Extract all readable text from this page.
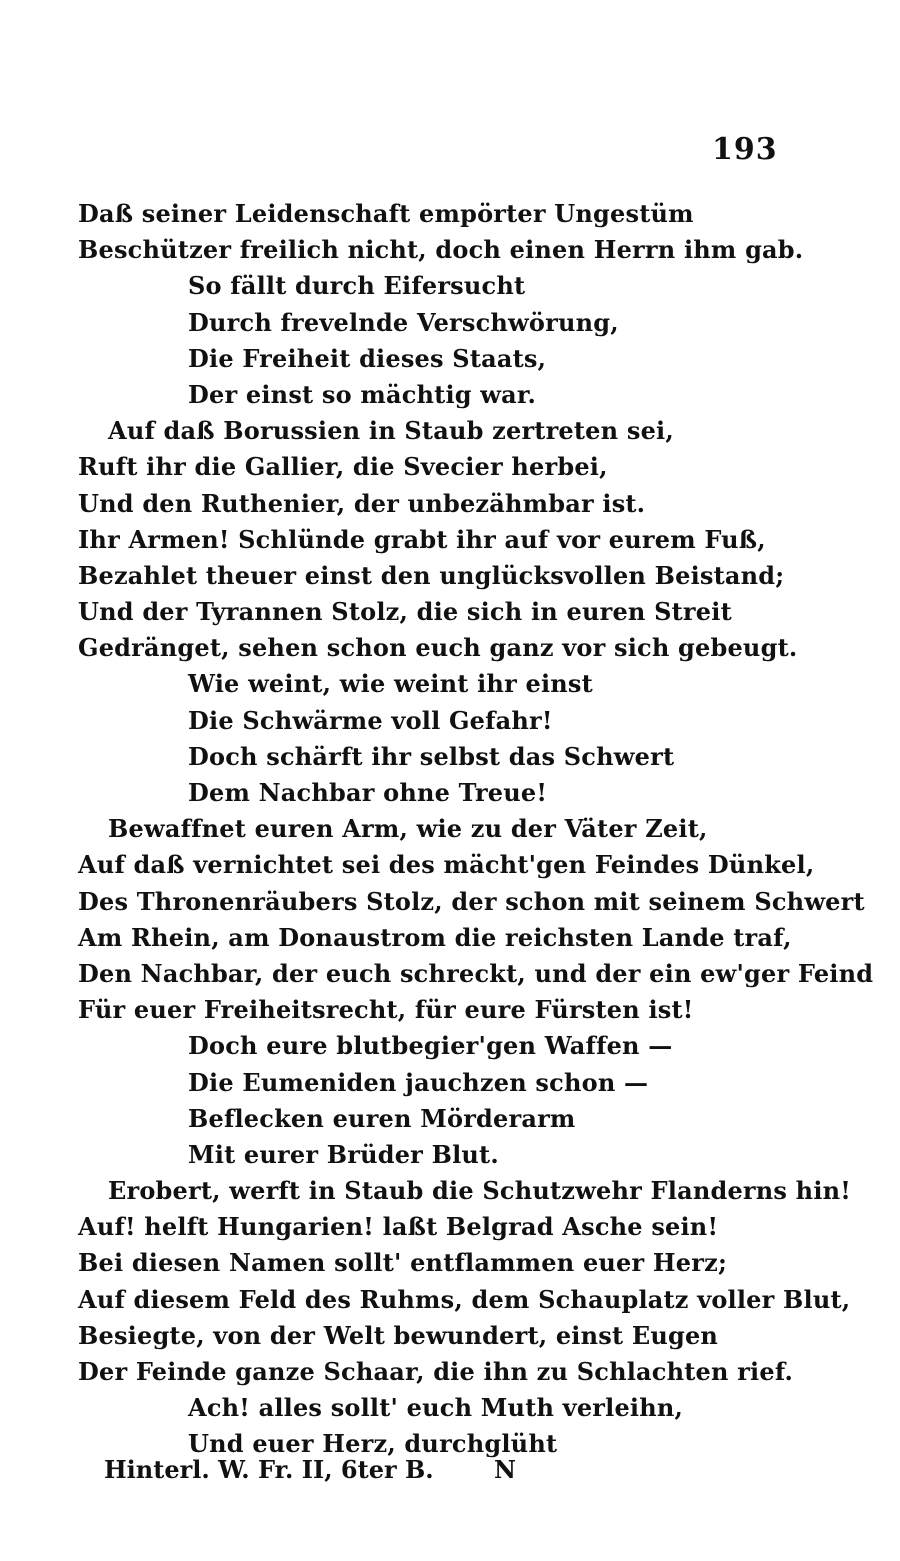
193
Daß seiner Leidenschaft empörter Ungestüm
Beschützer freilich nicht, doch einen Herrn ihm gab.
So fällt durch Eifersucht
Durch frevelnde Verschwörung,
Die Freiheit dieses Staats,
Der einst so mächtig war.
Auf daß Borussien in Staub zertreten sei,
Ruft ihr die Gallier, die Svecier herbei,
Und den Ruthenier, der unbezähmbar ist.
Ihr Armen! Schlünde grabt ihr auf vor eurem Fuß,
Bezahlet theuer einst den unglücksvollen Beistand;
Und der Tyrannen Stolz, die sich in euren Streit
Gedränget, sehen schon euch ganz vor sich gebeugt.
Wie weint, wie weint ihr einst
Die Schwärme voll Gefahr!
Doch schärft ihr selbst das Schwert
Dem Nachbar ohne Treue!
Bewaffnet euren Arm, wie zu der Väter Zeit,
Auf daß vernichtet sei des mächt'gen Feindes Dünkel,
Des Thronenräubers Stolz, der schon mit seinem Schwert
Am Rhein, am Donaustrom die reichsten Lande traf,
Den Nachbar, der euch schreckt, und der ein ew'ger Feind
Für euer Freiheitsrecht, für eure Fürsten ist!
Doch eure blutbegier'gen Waffen —
Die Eumeniden jauchzen schon —
Beflecken euren Mörderarm
Mit eurer Brüder Blut.
Erobert, werft in Staub die Schutzwehr Flanderns hin!
Auf! helft Hungarien! laßt Belgrad Asche sein!
Bei diesen Namen sollt' entflammen euer Herz;
Auf diesem Feld des Ruhms, dem Schauplatz voller Blut,
Besiegte, von der Welt bewundert, einst Eugen
Der Feinde ganze Schaar, die ihn zu Schlachten rief.
Ach! alles sollt' euch Muth verleihn,
Und euer Herz, durchglüht
Hinterl. W. Fr. II, 6ter B.	N
